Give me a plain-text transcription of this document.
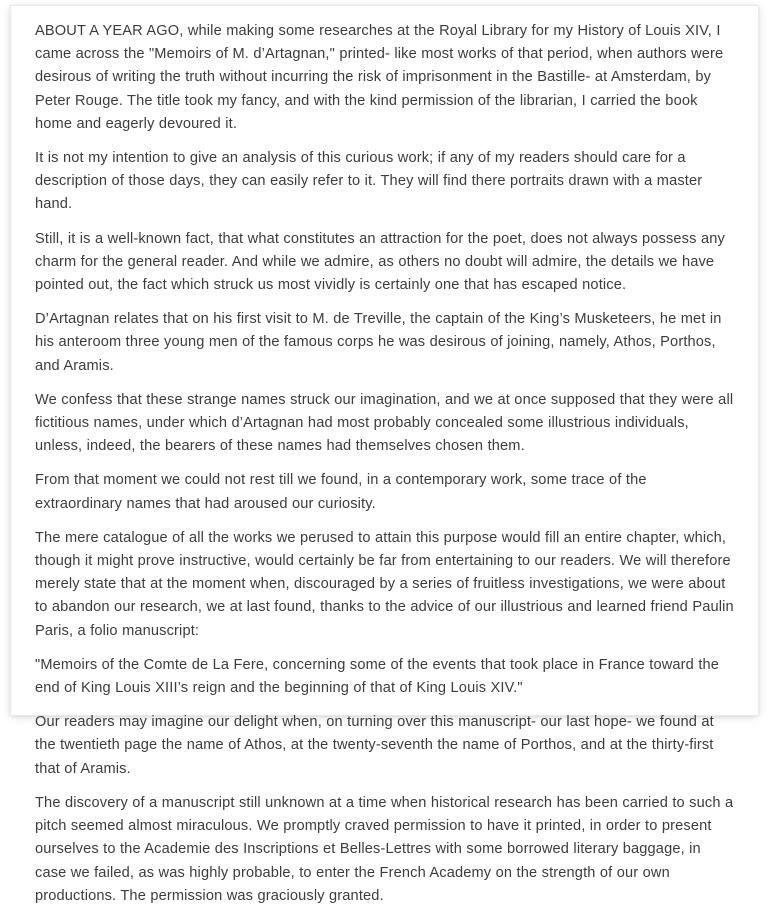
ABOUT A YEAR AGO, while making some researches at the Royal Library for my History of Louis XIV, I came across the "Memoirs of M. d’Artagnan," printed- like most works of that period, when authors were desirous of writing the truth without incurring the risk of imprisonment in the Bastille- at Amsterdam, by Peter Rouge. The title took my fancy, and with the kind permission of the librarian, I carried the book home and eagerly devoured it.

It is not my intention to give an analysis of this curious work; if any of my readers should care for a description of those days, they can easily refer to it. They will find there portraits drawn with a master hand.

Still, it is a well-known fact, that what constitutes an attraction for the poet, does not always possess any charm for the general reader. And while we admire, as others no doubt will admire, the details we have pointed out, the fact which struck us most vividly is certainly one that has escaped notice.

D’Artagnan relates that on his first visit to M. de Treville, the captain of the King’s Musketeers, he met in his anteroom three young men of the famous corps he was desirous of joining, namely, Athos, Porthos, and Aramis.

We confess that these strange names struck our imagination, and we at once supposed that they were all fictitious names, under which d’Artagnan had most probably concealed some illustrious individuals, unless, indeed, the bearers of these names had themselves chosen them.

From that moment we could not rest till we found, in a contemporary work, some trace of the extraordinary names that had aroused our curiosity.

The mere catalogue of all the works we perused to attain this purpose would fill an entire chapter, which, though it might prove instructive, would certainly be far from entertaining to our readers. We will therefore merely state that at the moment when, discouraged by a series of fruitless investigations, we were about to abandon our research, we at last found, thanks to the advice of our illustrious and learned friend Paulin Paris, a folio manuscript:

"Memoirs of the Comte de La Fere, concerning some of the events that took place in France toward the end of King Louis XIII’s reign and the beginning of that of King Louis XIV."

Our readers may imagine our delight when, on turning over this manuscript- our last hope- we found at the twentieth page the name of Athos, at the twenty-seventh the name of Porthos, and at the thirty-first that of Aramis.

The discovery of a manuscript still unknown at a time when historical research has been carried to such a pitch seemed almost miraculous. We promptly craved permission to have it printed, in order to present ourselves to the Academie des Inscriptions et Belles-Lettres with some borrowed literary baggage, in case we failed, as was highly probable, to enter the French Academy on the strength of our own productions. The permission was graciously granted.
